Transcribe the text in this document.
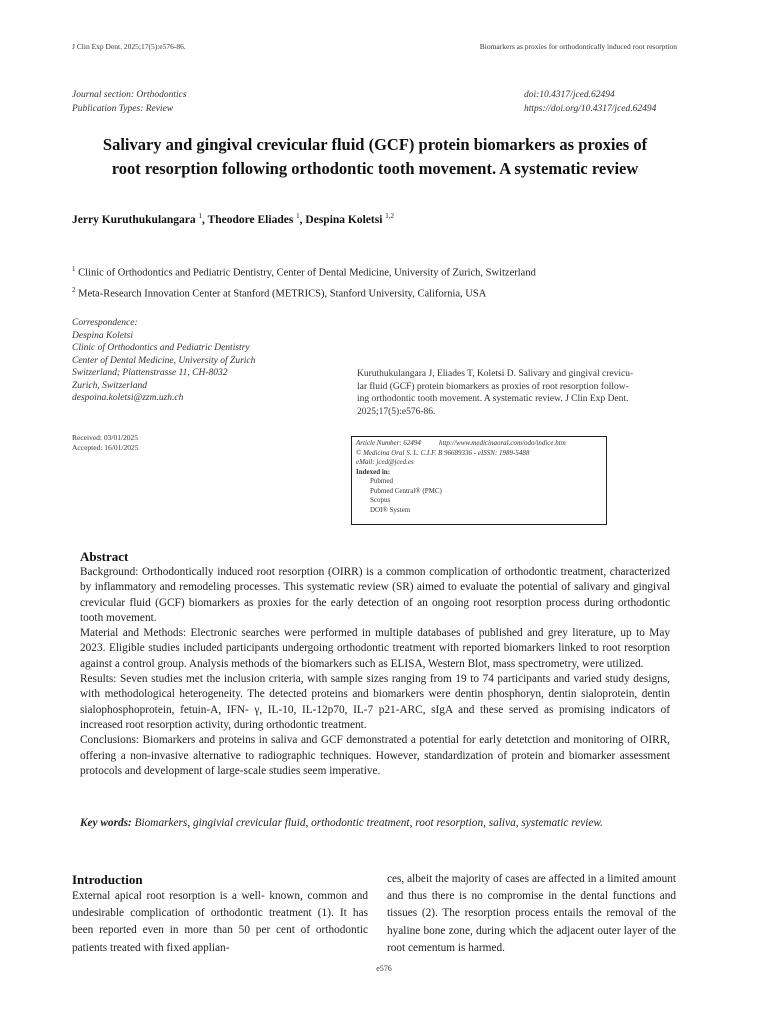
J Clin Exp Dent. 2025;17(5):e576-86.	Biomarkers as proxies for orthodontically induced root resorption
Journal section: Orthodontics
Publication Types: Review
doi:10.4317/jced.62494
https://doi.org/10.4317/jced.62494
Salivary and gingival crevicular fluid (GCF) protein biomarkers as proxies of
root resorption following orthodontic tooth movement. A systematic review
Jerry Kuruthukulangara $^1$, Theodore Eliades $^1$, Despina Koletsi $^{1,2}$
$^1$ Clinic of Orthodontics and Pediatric Dentistry, Center of Dental Medicine, University of Zurich, Switzerland
$^2$ Meta-Research Innovation Center at Stanford (METRICS), Stanford University, California, USA
Correspondence:
Despina Koletsi
Clinic of Orthodontics and Pediatric Dentistry
Center of Dental Medicine, University of Zurich
Switzerland; Plattenstrasse 11, CH-8032
Zurich, Switzerland
despoina.koletsi@zzm.uzh.ch
Kuruthukulangara J, Eliades T, Koletsi D. Salivary and gingival crevicu-
lar fluid (GCF) protein biomarkers as proxies of root resorption follow-
ing orthodontic tooth movement. A systematic review. J Clin Exp Dent.
2025;17(5):e576-86.
Received: 03/01/2025
Accepted: 16/01/2025	Article Number: 62494	http://www.medicinaoral.com/odo/indice.htm
© Medicina Oral S. L. C.I.F. B 96689336 - eISSN: 1989-5488
eMail: jced@jced.es
Indexed in:
Pubmed
Pubmed Central® (PMC)
Scopus
DOI® System
Abstract

Background: Orthodontically induced root resorption (OIRR) is a common complication of orthodontic treatment, characterized by inflammatory and remodeling processes. This systematic review (SR) aimed to evaluate the potential of salivary and gingival crevicular fluid (GCF) biomarkers as proxies for the early detection of an ongoing root resorption process during orthodontic tooth movement.

Material and Methods: Electronic searches were performed in multiple databases of published and grey literature, up to May 2023. Eligible studies included participants undergoing orthodontic treatment with reported biomarkers linked to root resorption against a control group. Analysis methods of the biomarkers such as ELISA, Western Blot, mass spectrometry, were utilized.

Results: Seven studies met the inclusion criteria, with sample sizes ranging from 19 to 74 participants and varied study designs, with methodological heterogeneity. The detected proteins and biomarkers were dentin phosphoryn, dentin sialoprotein, dentin sialophosphoprotein, fetuin-A, IFN- γ, IL-10, IL-12p70, IL-7 p21-ARC, sIgA and these served as promising indicators of increased root resorption activity, during orthodontic treatment.

Conclusions: Biomarkers and proteins in saliva and GCF demonstrated a potential for early detetction and monitoring of OIRR, offering a non-invasive alternative to radiographic techniques. However, standardization of protein and biomarker assessment protocols and development of large-scale studies seem imperative.

Key words: Biomarkers, gingivial crevicular fluid, orthodontic treatment, root resorption, saliva, systematic review.
Introduction

External apical root resorption is a well- known, common and undesirable complication of orthodontic treatment (1). It has been reported even in more than 50 per cent of orthodontic patients treated with fixed applian-

ces, albeit the majority of cases are affected in a limited amount and thus there is no compromise in the dental functions and tissues (2). The resorption process entails the removal of the hyaline bone zone, during which the adjacent outer layer of the root cementum is harmed.

e576
